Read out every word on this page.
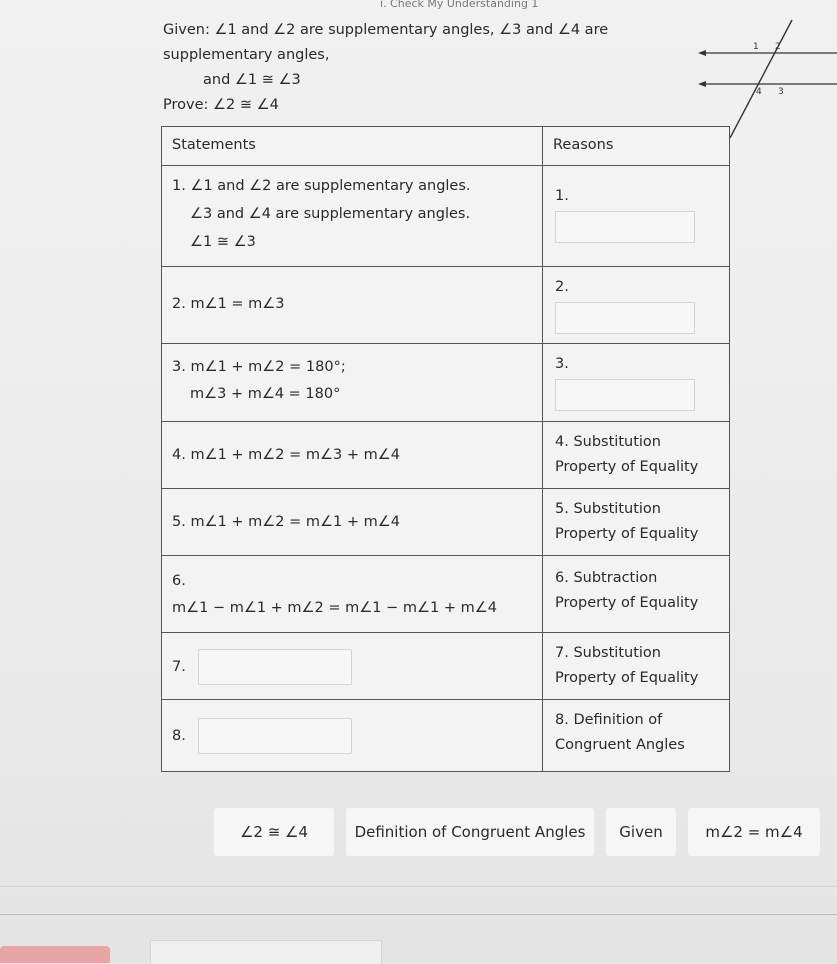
i. Check My Understanding 1
Given: ∠1 and ∠2 are supplementary angles, ∠3 and ∠4 are
supplementary angles,
and ∠1 ≅ ∠3
Prove: ∠2 ≅ ∠4
1 2
4 3
Statements	Reasons

1. ∠1 and ∠2 are supplementary angles.
∠3 and ∠4 are supplementary angles.
∠1 ≅ ∠3	1.

2. m∠1 = m∠3	2.

3. m∠1 + m∠2 = 180°;
m∠3 + m∠4 = 180°	3.

4. m∠1 + m∠2 = m∠3 + m∠4	4. Substitution Property of Equality

5. m∠1 + m∠2 = m∠1 + m∠4	5. Substitution Property of Equality

6.
m∠1 − m∠1 + m∠2 = m∠1 − m∠1 + m∠4	6. Subtraction Property of Equality

7.	7. Substitution Property of Equality

8.	8. Definition of Congruent Angles
∠2 ≅ ∠4	Definition of Congruent Angles	Given	m∠2 = m∠4
